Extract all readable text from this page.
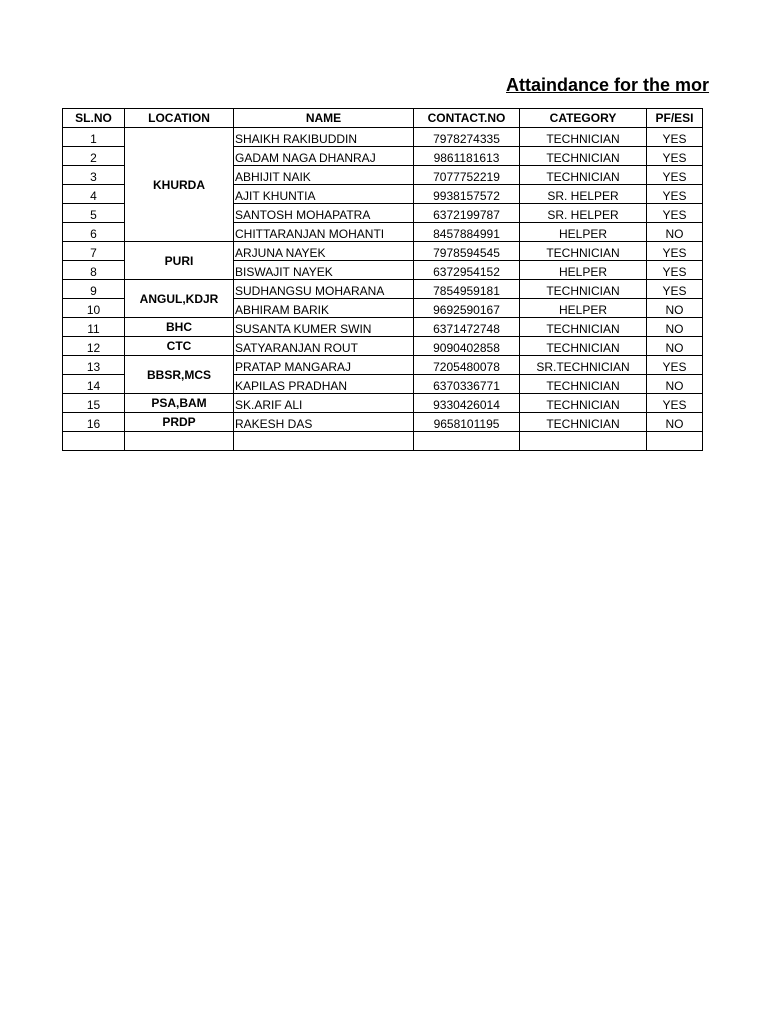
Attaindance for the mor
SL.NO	LOCATION	NAME	CONTACT.NO	CATEGORY	PF/ESI
1	KHURDA	SHAIKH RAKIBUDDIN	7978274335	TECHNICIAN	YES
2		GADAM NAGA DHANRAJ	9861181613	TECHNICIAN	YES
3		ABHIJIT NAIK	7077752219	TECHNICIAN	YES
4		AJIT KHUNTIA	9938157572	SR. HELPER	YES
5		SANTOSH MOHAPATRA	6372199787	SR. HELPER	YES
6		CHITTARANJAN MOHANTI	8457884991	HELPER	NO
7	PURI	ARJUNA NAYEK	7978594545	TECHNICIAN	YES
8		BISWAJIT NAYEK	6372954152	HELPER	YES
9	ANGUL,KDJR	SUDHANGSU MOHARANA	7854959181	TECHNICIAN	YES
10		ABHIRAM BARIK	9692590167	HELPER	NO
11	BHC	SUSANTA KUMER SWIN	6371472748	TECHNICIAN	NO
12	CTC	SATYARANJAN ROUT	9090402858	TECHNICIAN	NO
13	BBSR,MCS	PRATAP MANGARAJ	7205480078	SR.TECHNICIAN	YES
14		KAPILAS PRADHAN	6370336771	TECHNICIAN	NO
15	PSA,BAM	SK.ARIF ALI	9330426014	TECHNICIAN	YES
16	PRDP	RAKESH DAS	9658101195	TECHNICIAN	NO
